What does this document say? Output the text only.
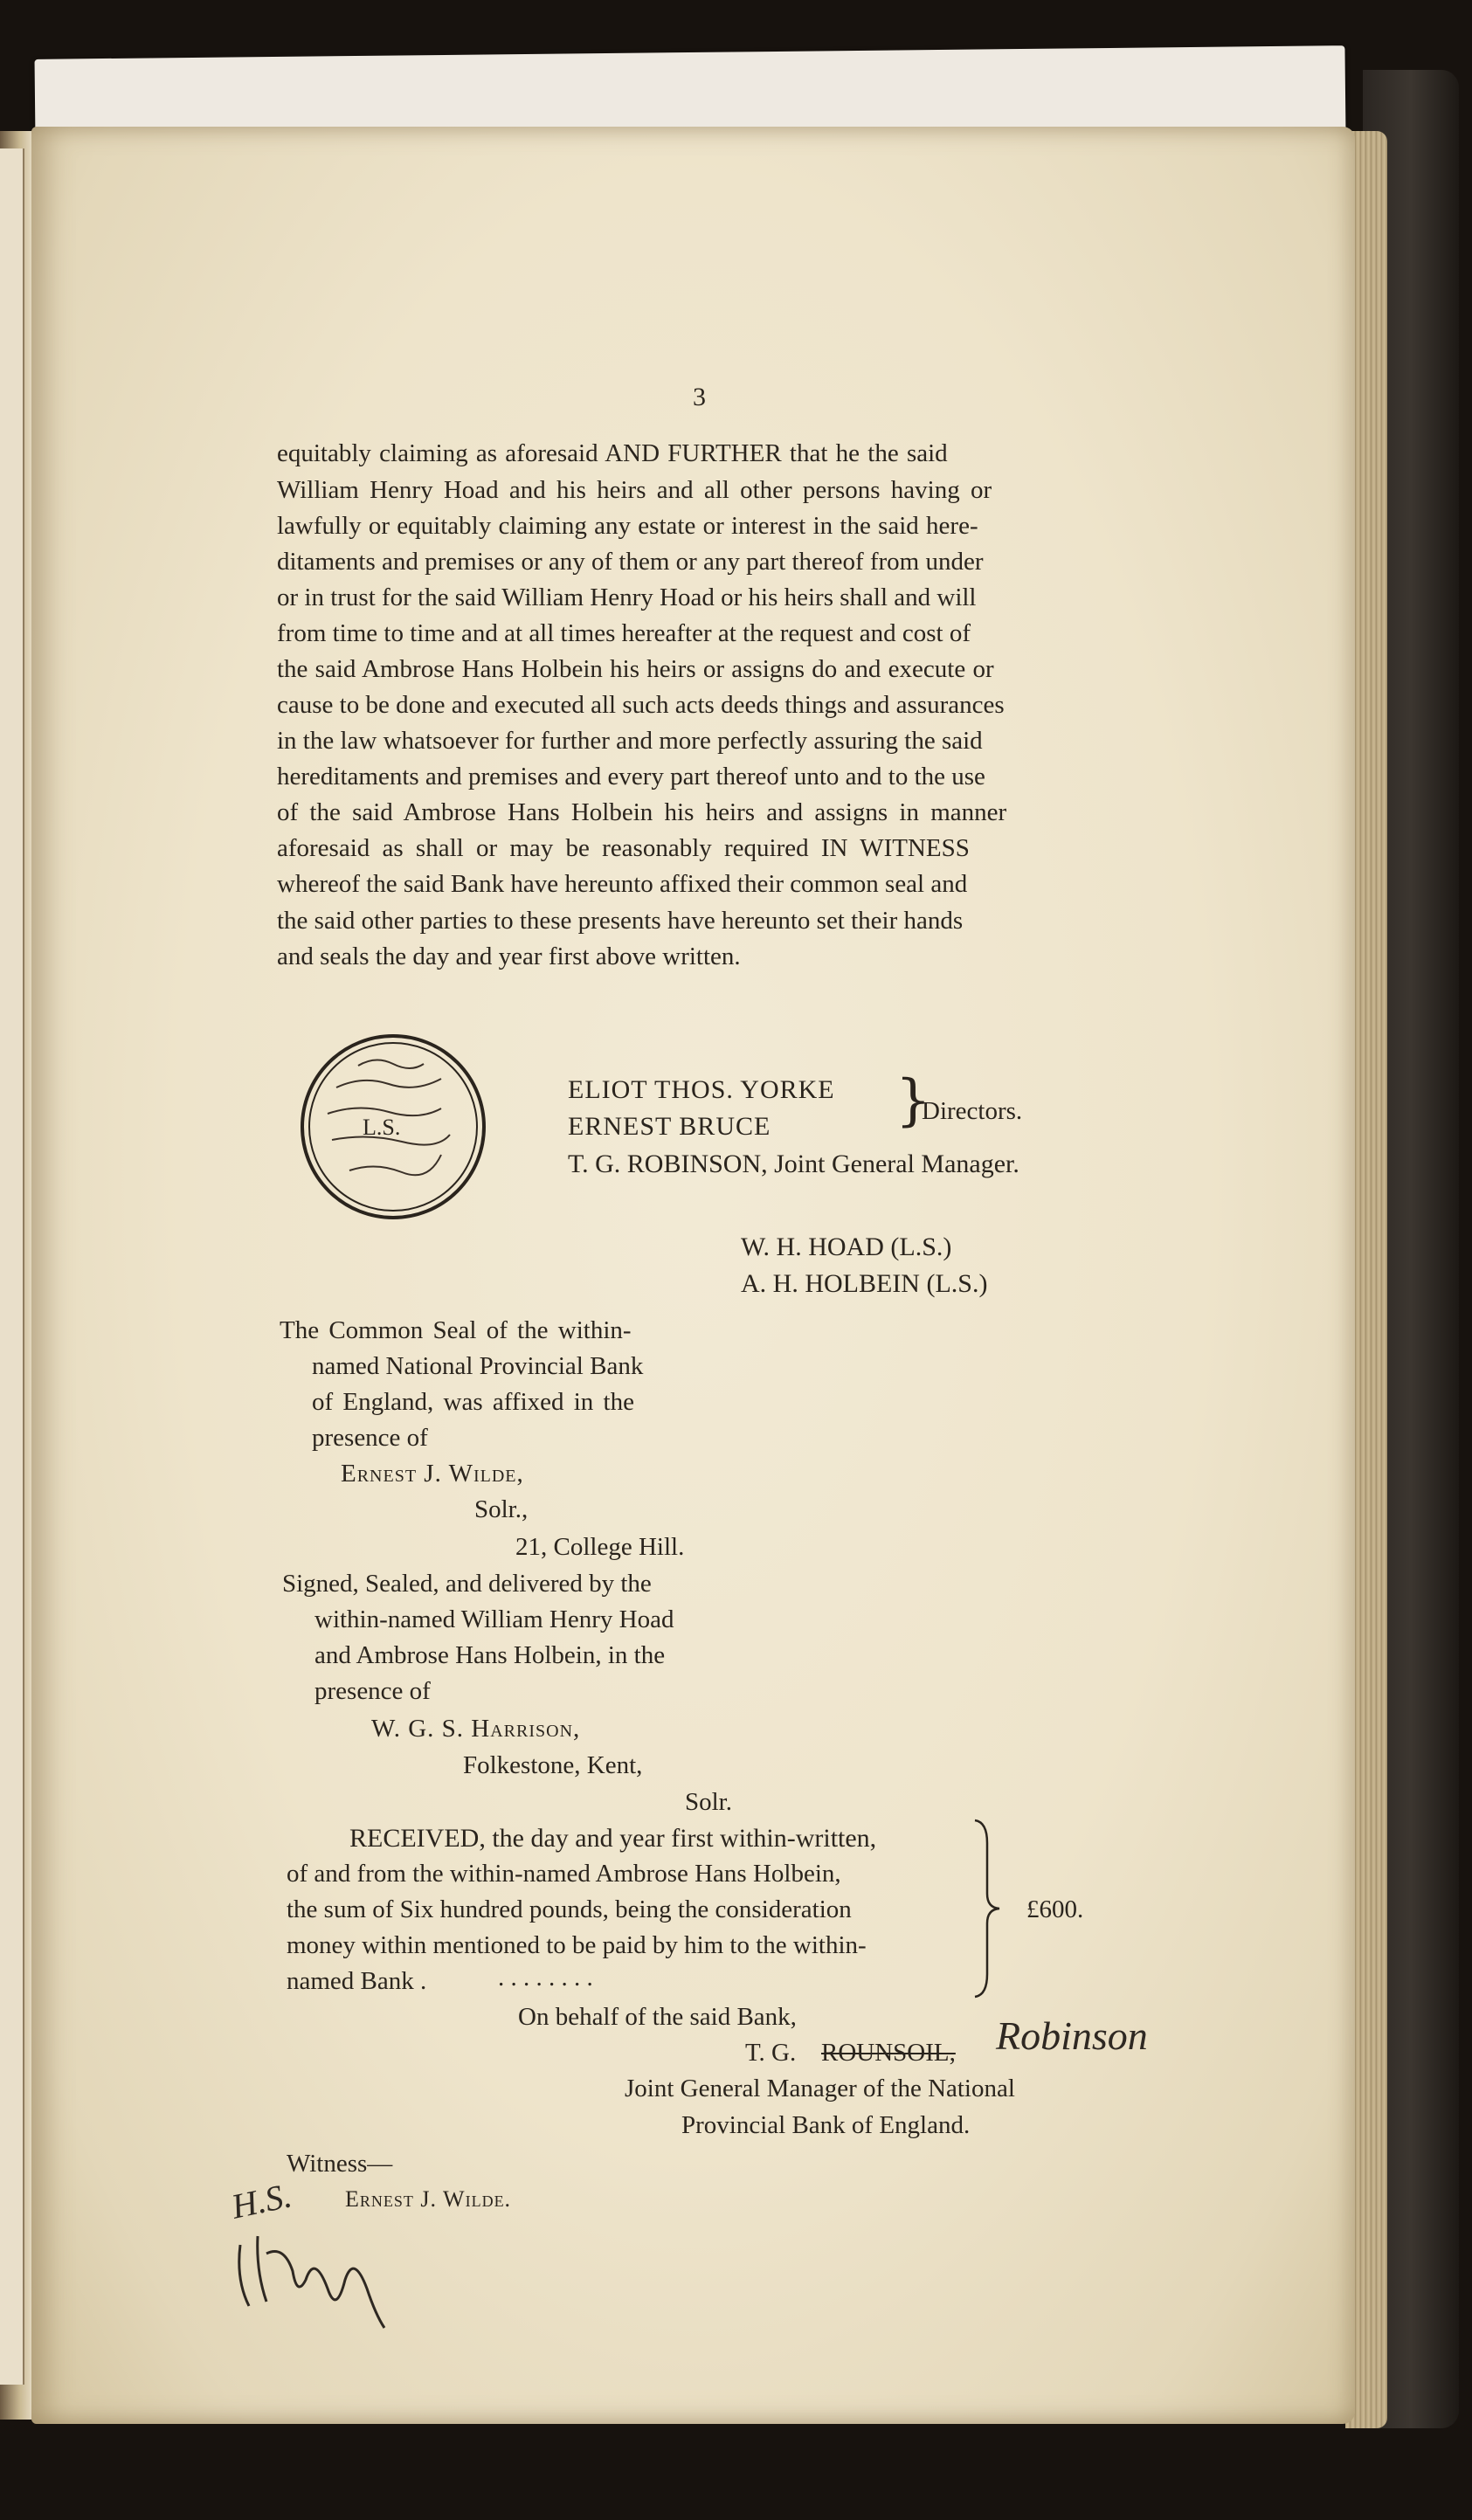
3
equitably claiming as aforesaid AND FURTHER that he the said
William Henry Hoad and his heirs and all other persons having or
lawfully or equitably claiming any estate or interest in the said here-
ditaments and premises or any of them or any part thereof from under
or in trust for the said William Henry Hoad or his heirs shall and will
from time to time and at all times hereafter at the request and cost of
the said Ambrose Hans Holbein his heirs or assigns do and execute or
cause to be done and executed all such acts deeds things and assurances
in the law whatsoever for further and more perfectly assuring the said
hereditaments and premises and every part thereof unto and to the use
of the said Ambrose Hans Holbein his heirs and assigns in manner
aforesaid as shall or may be reasonably required IN WITNESS
whereof the said Bank have hereunto affixed their common seal and
the said other parties to these presents have hereunto set their hands
and seals the day and year first above written.
L.S.
ELIOT THOS. YORKE
ERNEST BRUCE }
Directors.
T. G. ROBINSON, Joint General Manager.
W. H. HOAD (L.S.)
A. H. HOLBEIN (L.S.)
The Common Seal of the within-
named National Provincial Bank
of England, was affixed in the
presence of
Ernest J. Wilde,
Solr.,
21, College Hill.
Signed, Sealed, and delivered by the
within-named William Henry Hoad
and Ambrose Hans Holbein, in the
presence of
W. G. S. Harrison,
Folkestone, Kent,
Solr.
RECEIVED, the day and year first within-written,
of and from the within-named Ambrose Hans Holbein,
the sum of Six hundred pounds, being the consideration
money within mentioned to be paid by him to the within-
named Bank .	. . . . . . . .
£600.
On behalf of the said Bank,
T. G. ROUNSOIL, Robinson
Joint General Manager of the National
Provincial Bank of England.
Witness—
Ernest J. Wilde.
H.S.
